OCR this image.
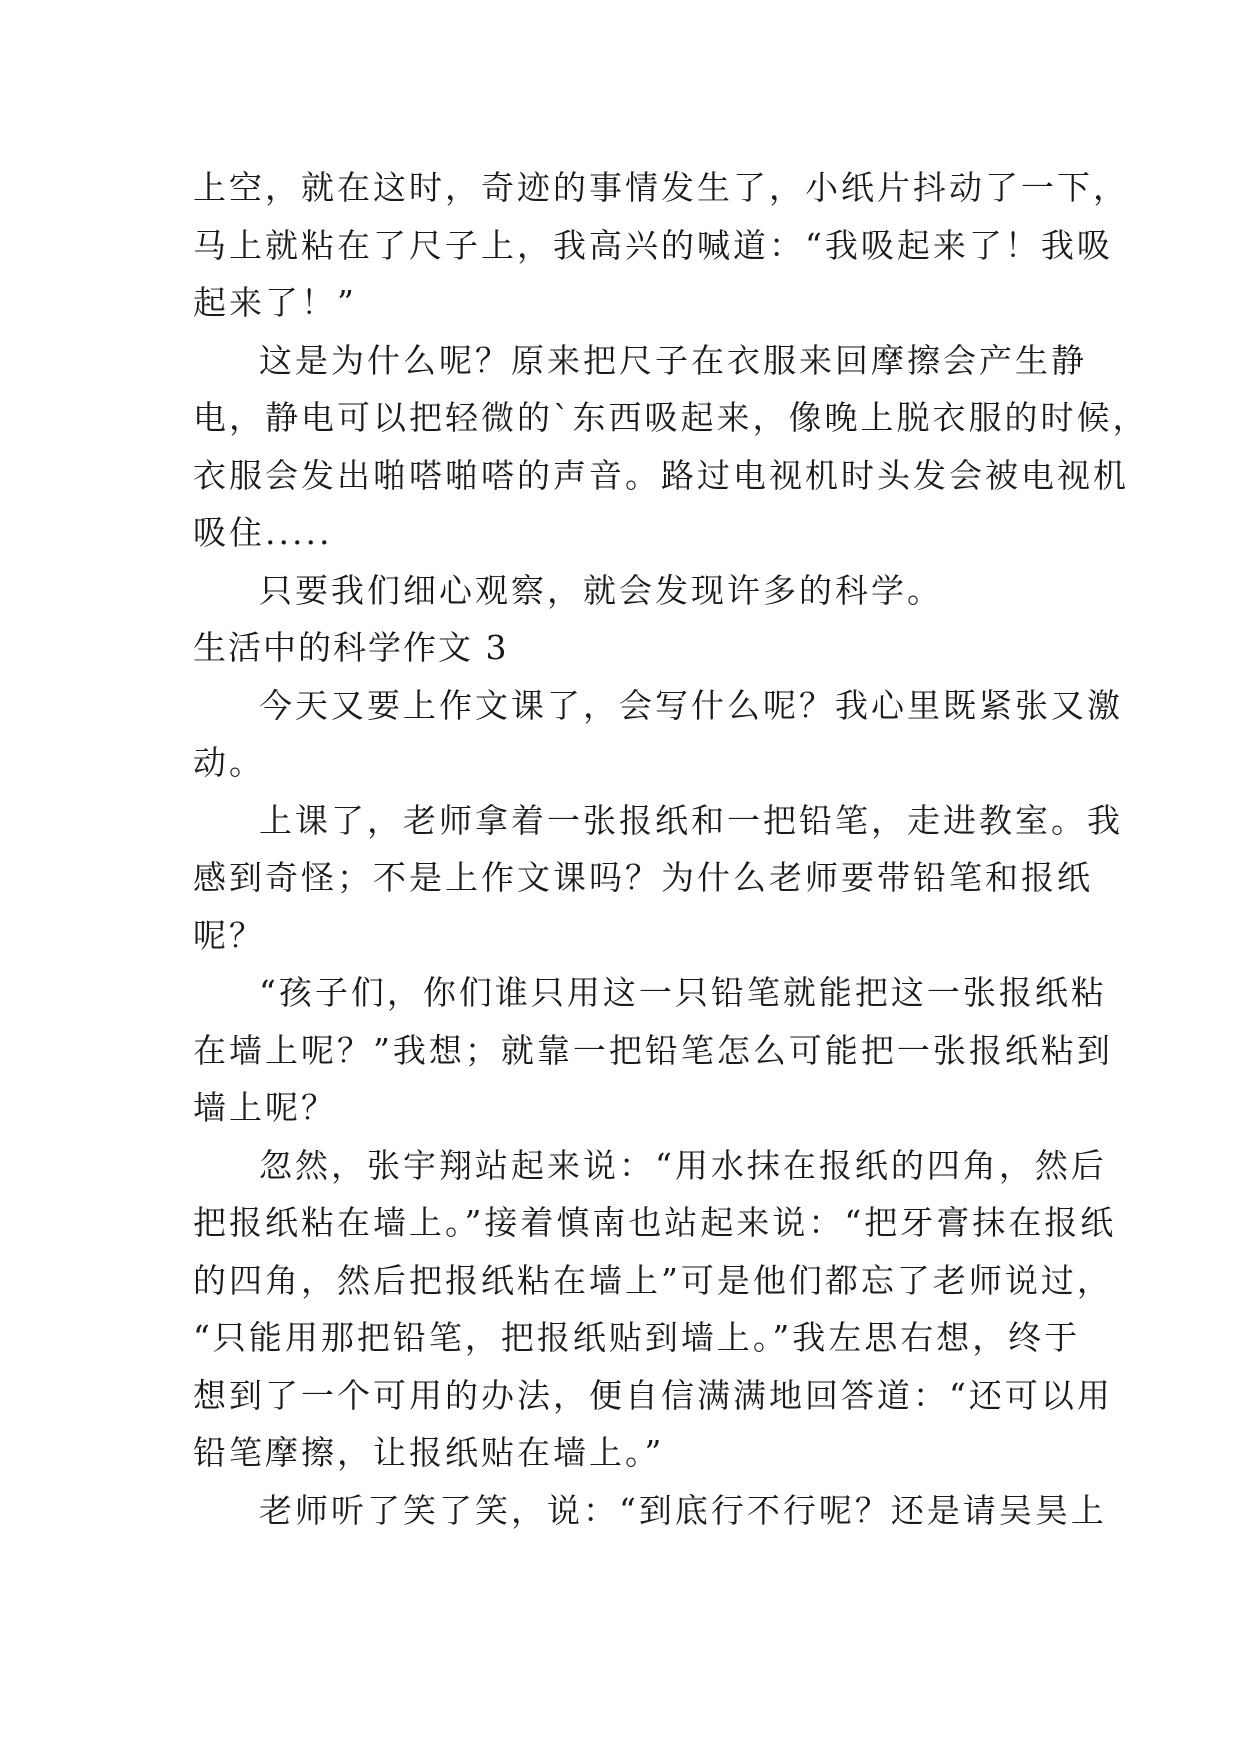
上空，就在这时，奇迹的事情发生了，小纸片抖动了一下，
马上就粘在了尺子上，我高兴的喊道：“我吸起来了！我吸
起来了！”
这是为什么呢？原来把尺子在衣服来回摩擦会产生静
电，静电可以把轻微的`东西吸起来，像晚上脱衣服的时候，
衣服会发出啪嗒啪嗒的声音。路过电视机时头发会被电视机
吸住.....
只要我们细心观察，就会发现许多的科学。
生活中的科学作文 3
今天又要上作文课了，会写什么呢？我心里既紧张又激
动。
上课了，老师拿着一张报纸和一把铅笔，走进教室。我
感到奇怪；不是上作文课吗？为什么老师要带铅笔和报纸
呢？
“孩子们，你们谁只用这一只铅笔就能把这一张报纸粘
在墙上呢？”我想；就靠一把铅笔怎么可能把一张报纸粘到
墙上呢？
忽然，张宇翔站起来说：“用水抹在报纸的四角，然后
把报纸粘在墙上。”接着慎南也站起来说：“把牙膏抹在报纸
的四角，然后把报纸粘在墙上”可是他们都忘了老师说过，
“只能用那把铅笔，把报纸贴到墙上。”我左思右想，终于
想到了一个可用的办法，便自信满满地回答道：“还可以用
铅笔摩擦，让报纸贴在墙上。”
老师听了笑了笑，说：“到底行不行呢？还是请吴昊上
